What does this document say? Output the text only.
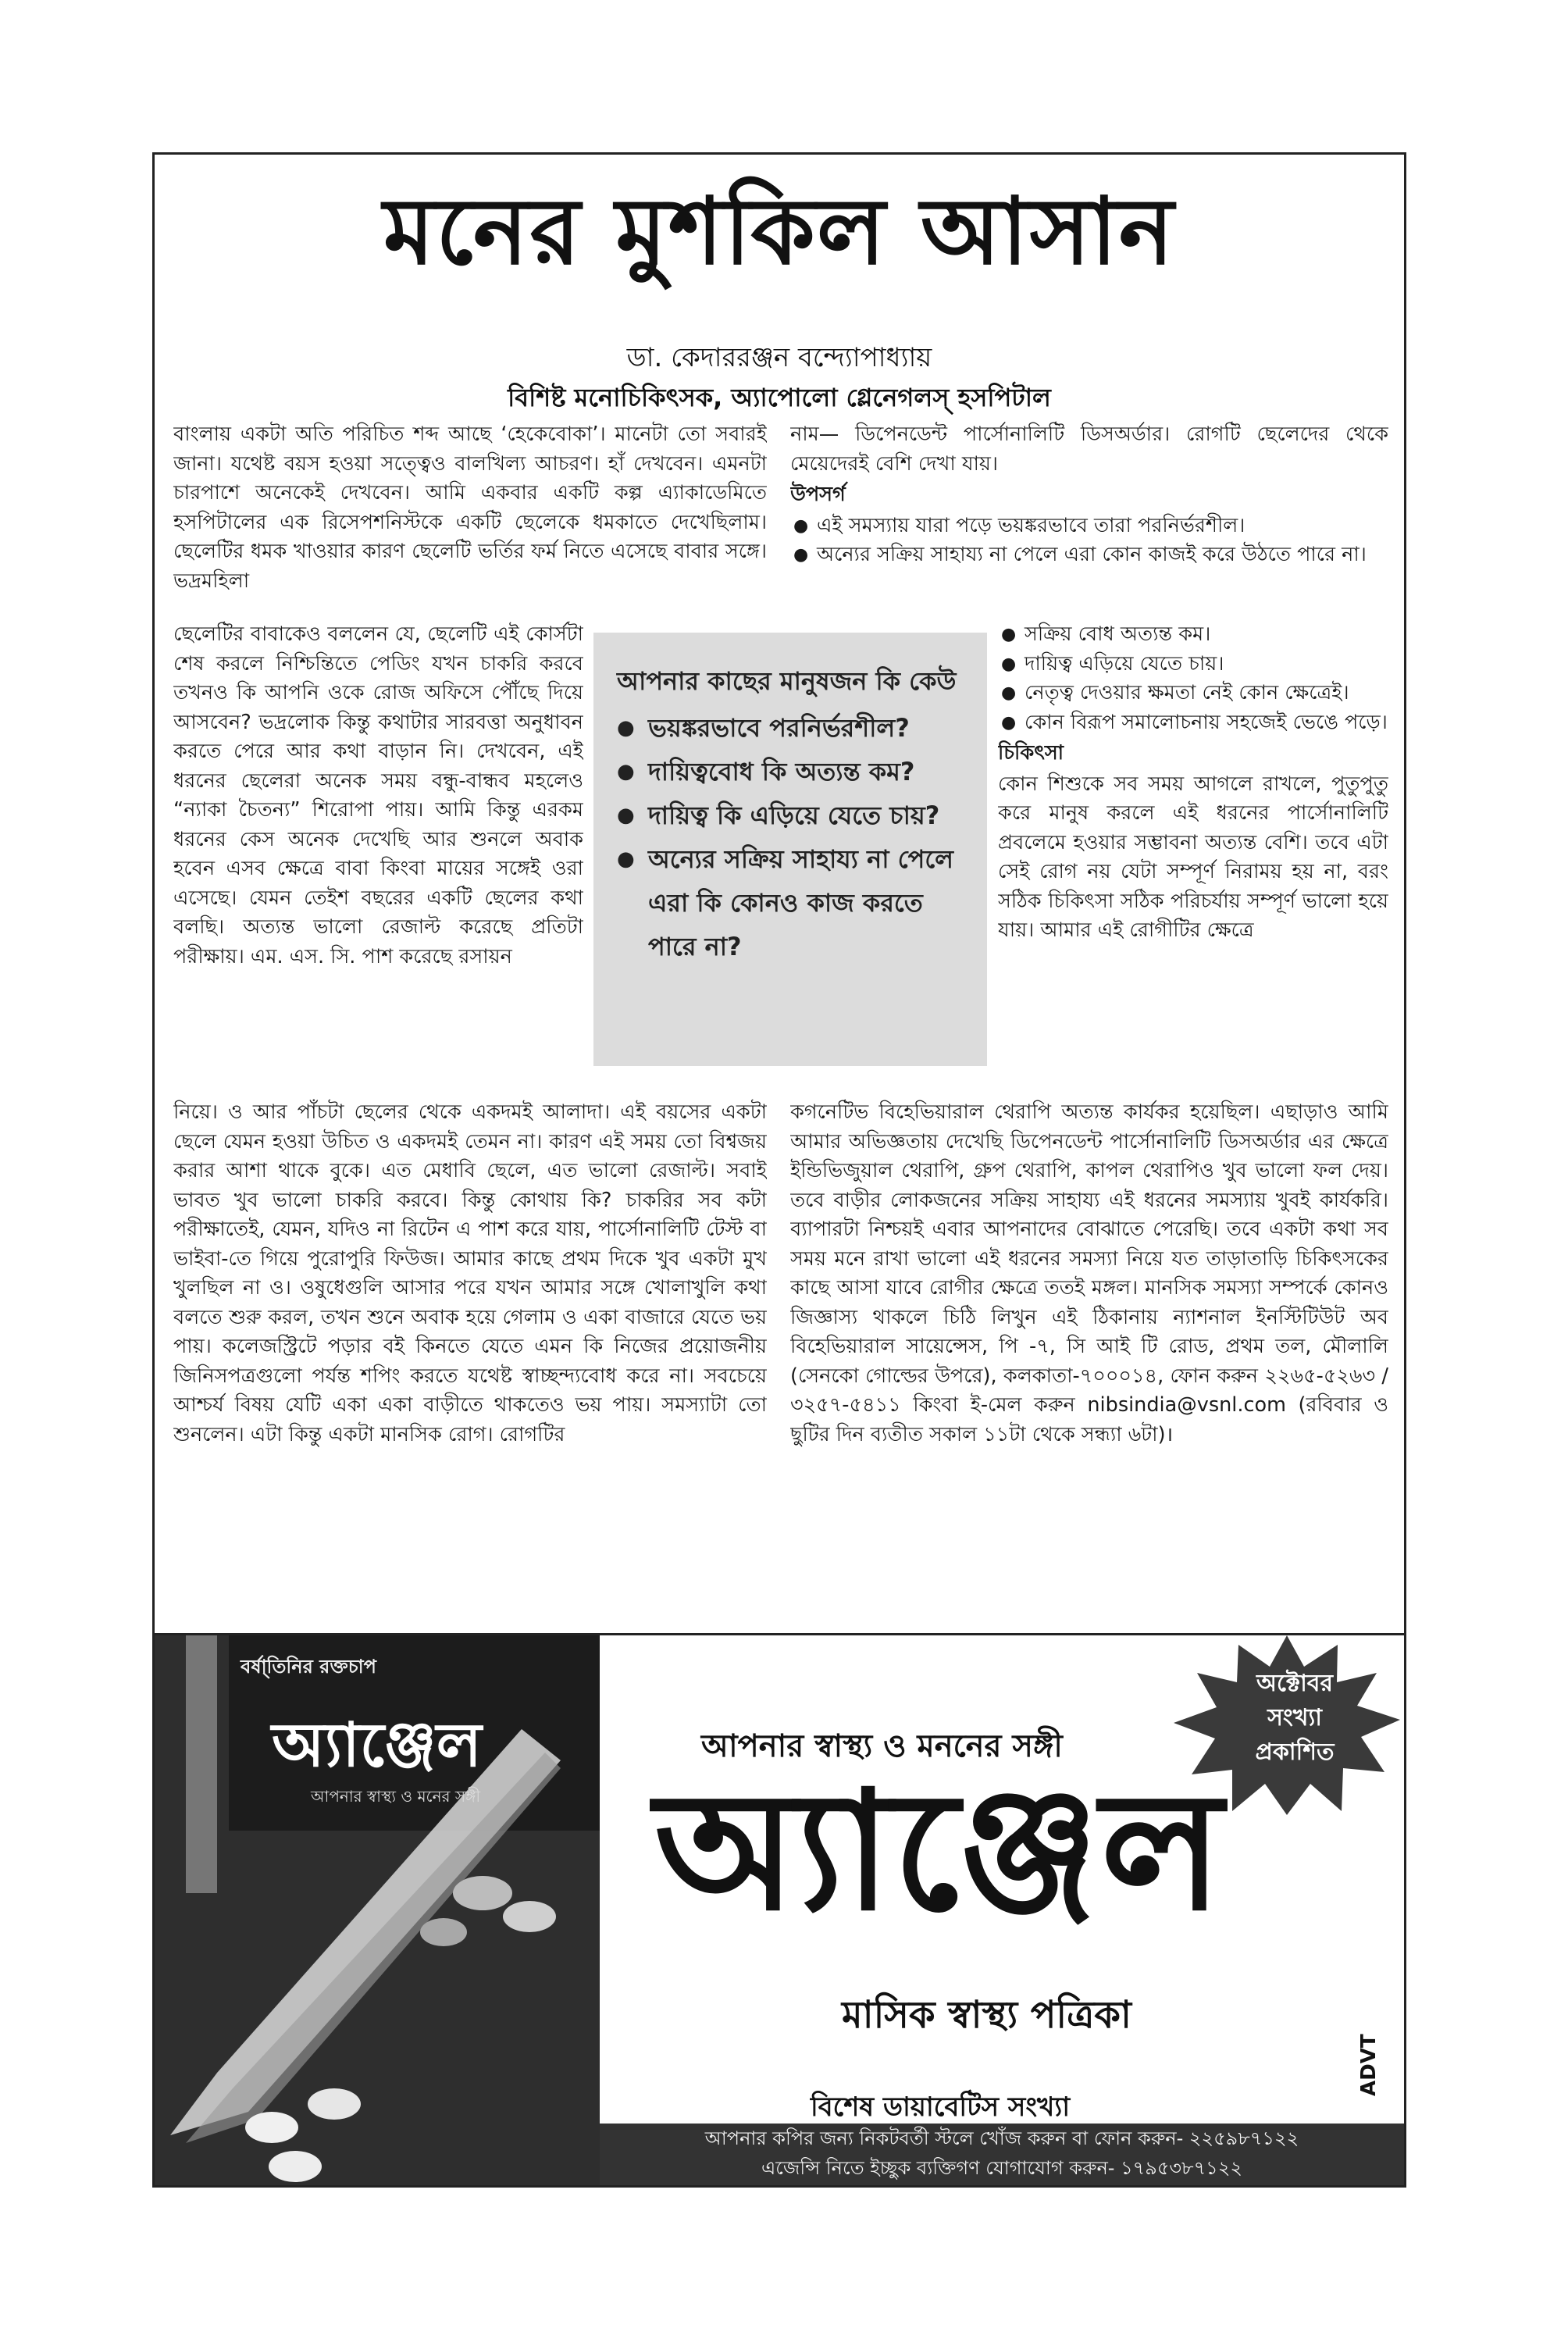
মনের মুশকিল আসান
ডা. কেদাররঞ্জন বন্দ্যোপাধ্যায়
বিশিষ্ট মনোচিকিৎসক, অ্যাপোলো গ্লেনেগলস্ হসপিটাল

বাংলায় একটা অতি পরিচিত শব্দ আছে ‘হেকেবোকা’। মানেটা তো সবারই জানা। যথেষ্ট বয়স হওয়া সত্ত্বেও বালখিল্য আচরণ। হাঁ দেখবেন। এমনটা চারপাশে অনেকেই দেখবেন। আমি একবার একটি কল্প এ্যাকাডেমিতে হসপিটালের এক রিসেপশনিস্টকে একটি ছেলেকে ধমকাতে দেখেছিলাম। ছেলেটির ধমক খাওয়ার কারণ ছেলেটি ভর্তির ফর্ম নিতে এসেছে বাবার সঙ্গে। ভদ্রমহিলা

নাম— ডিপেনডেন্ট পার্সোনালিটি ডিসঅর্ডার। রোগটি ছেলেদের থেকে মেয়েদেরই বেশি দেখা যায়।

উপসর্গ

● এই সমস্যায় যারা পড়ে ভয়ঙ্করভাবে তারা পরনির্ভরশীল।
● অন্যের সক্রিয় সাহায্য না পেলে এরা কোন কাজই করে উঠতে পারে না।

ছেলেটির বাবাকেও বললেন যে, ছেলেটি এই কোর্সটা শেষ করলে নিশ্চিন্তিতে পেডিং যখন চাকরি করবে তখনও কি আপনি ওকে রোজ অফিসে পৌঁছে দিয়ে আসবেন? ভদ্রলোক কিন্তু কথাটার সারবত্তা অনুধাবন করতে পেরে আর কথা বাড়ান নি। দেখবেন, এই ধরনের ছেলেরা অনেক সময় বন্ধু-বান্ধব মহলেও “ন্যাকা চৈতন্য” শিরোপা পায়। আমি কিন্তু এরকম ধরনের কেস অনেক দেখেছি আর শুনলে অবাক হবেন এসব ক্ষেত্রে বাবা কিংবা মায়ের সঙ্গেই ওরা এসেছে। যেমন তেইশ বছরের একটি ছেলের কথা বলছি। অত্যন্ত ভালো রেজাল্ট করেছে প্রতিটা পরীক্ষায়। এম. এস. সি. পাশ করেছে রসায়ন

আপনার কাছের মানুষজন কি কেউ

● ভয়ঙ্করভাবে পরনির্ভরশীল?

● দায়িত্ববোধ কি অত্যন্ত কম?

● দায়িত্ব কি এড়িয়ে যেতে চায়?

● অন্যের সক্রিয় সাহায্য না পেলে এরা কি কোনও কাজ করতে পারে না?

● সক্রিয় বোধ অত্যন্ত কম।
● দায়িত্ব এড়িয়ে যেতে চায়।
● নেতৃত্ব দেওয়ার ক্ষমতা নেই কোন ক্ষেত্রেই।
● কোন বিরূপ সমালোচনায় সহজেই ভেঙে পড়ে।

চিকিৎসা

কোন শিশুকে সব সময় আগলে রাখলে, পুতুপুতু করে মানুষ করলে এই ধরনের পার্সোনালিটি প্রবলেমে হওয়ার সম্ভাবনা অত্যন্ত বেশি। তবে এটা সেই রোগ নয় যেটা সম্পূর্ণ নিরাময় হয় না, বরং সঠিক চিকিৎসা সঠিক পরিচর্যায় সম্পূর্ণ ভালো হয়ে যায়। আমার এই রোগীটির ক্ষেত্রে

নিয়ে। ও আর পাঁচটা ছেলের থেকে একদমই আলাদা। এই বয়সের একটা ছেলে যেমন হওয়া উচিত ও একদমই তেমন না। কারণ এই সময় তো বিশ্বজয় করার আশা থাকে বুকে। এত মেধাবি ছেলে, এত ভালো রেজাল্ট। সবাই ভাবত খুব ভালো চাকরি করবে। কিন্তু কোথায় কি? চাকরির সব কটা পরীক্ষাতেই, যেমন, যদিও না রিটেন এ পাশ করে যায়, পার্সোনালিটি টেস্ট বা ভাইবা-তে গিয়ে পুরোপুরি ফিউজ। আমার কাছে প্রথম দিকে খুব একটা মুখ খুলছিল না ও। ওষুধেগুলি আসার পরে যখন আমার সঙ্গে খোলাখুলি কথা বলতে শুরু করল, তখন শুনে অবাক হয়ে গেলাম ও একা বাজারে যেতে ভয় পায়। কলেজস্ট্রিটে পড়ার বই কিনতে যেতে এমন কি নিজের প্রয়োজনীয় জিনিসপত্রগুলো পর্যন্ত শপিং করতে যথেষ্ট স্বাচ্ছন্দ্যবোধ করে না। সবচেয়ে আশ্চর্য বিষয় যেটি একা একা বাড়ীতে থাকতেও ভয় পায়। সমস্যাটা তো শুনলেন। এটা কিন্তু একটা মানসিক রোগ। রোগটির

কগনেটিভ বিহেভিয়ারাল থেরাপি অত্যন্ত কার্যকর হয়েছিল। এছাড়াও আমি আমার অভিজ্ঞতায় দেখেছি ডিপেনডেন্ট পার্সোনালিটি ডিসঅর্ডার এর ক্ষেত্রে ইন্ডিভিজুয়াল থেরাপি, গ্রুপ থেরাপি, কাপল থেরাপিও খুব ভালো ফল দেয়। তবে বাড়ীর লোকজনের সক্রিয় সাহায্য এই ধরনের সমস্যায় খুবই কার্যকরি। ব্যাপারটা নিশ্চয়ই এবার আপনাদের বোঝাতে পেরেছি। তবে একটা কথা সব সময় মনে রাখা ভালো এই ধরনের সমস্যা নিয়ে যত তাড়াতাড়ি চিকিৎসকের কাছে আসা যাবে রোগীর ক্ষেত্রে ততই মঙ্গল। মানসিক সমস্যা সম্পর্কে কোনও জিজ্ঞাস্য থাকলে চিঠি লিখুন এই ঠিকানায় ন্যাশনাল ইনস্টিটিউট অব বিহেভিয়ারাল সায়েন্সেস, পি -৭, সি আই টি রোড, প্রথম তল, মৌলালি (সেনকো গোল্ডের উপরে), কলকাতা-৭০০০১৪, ফোন করুন ২২৬৫-৫২৬৩ / ৩২৫৭-৫৪১১ কিংবা ই-মেল করুন nibsindia@vsnl.com (রবিবার ও ছুটির দিন ব্যতীত সকাল ১১টা থেকে সন্ধ্যা ৬টা)।

বর্ষা্তিনির রক্তচাপ
অ্যাঞ্জেল
আপনার স্বাস্থ্য ও মনের সঙ্গী
আপনার স্বাস্থ্য ও মননের সঙ্গী
অ্যাঞ্জেল
মাসিক স্বাস্থ্য পত্রিকা
বিশেষ ডায়াবেটিস সংখ্যা
অক্টোবর
সংখ্যা
প্রকাশিত
ADVT
আপনার কপির জন্য নিকটবর্তী স্টলে খোঁজ করুন বা ফোন করুন- ২২৫৯৮৭১২২
এজেন্সি নিতে ইচ্ছুক ব্যক্তিগণ যোগাযোগ করুন- ১৭৯৫৩৮৭১২২
